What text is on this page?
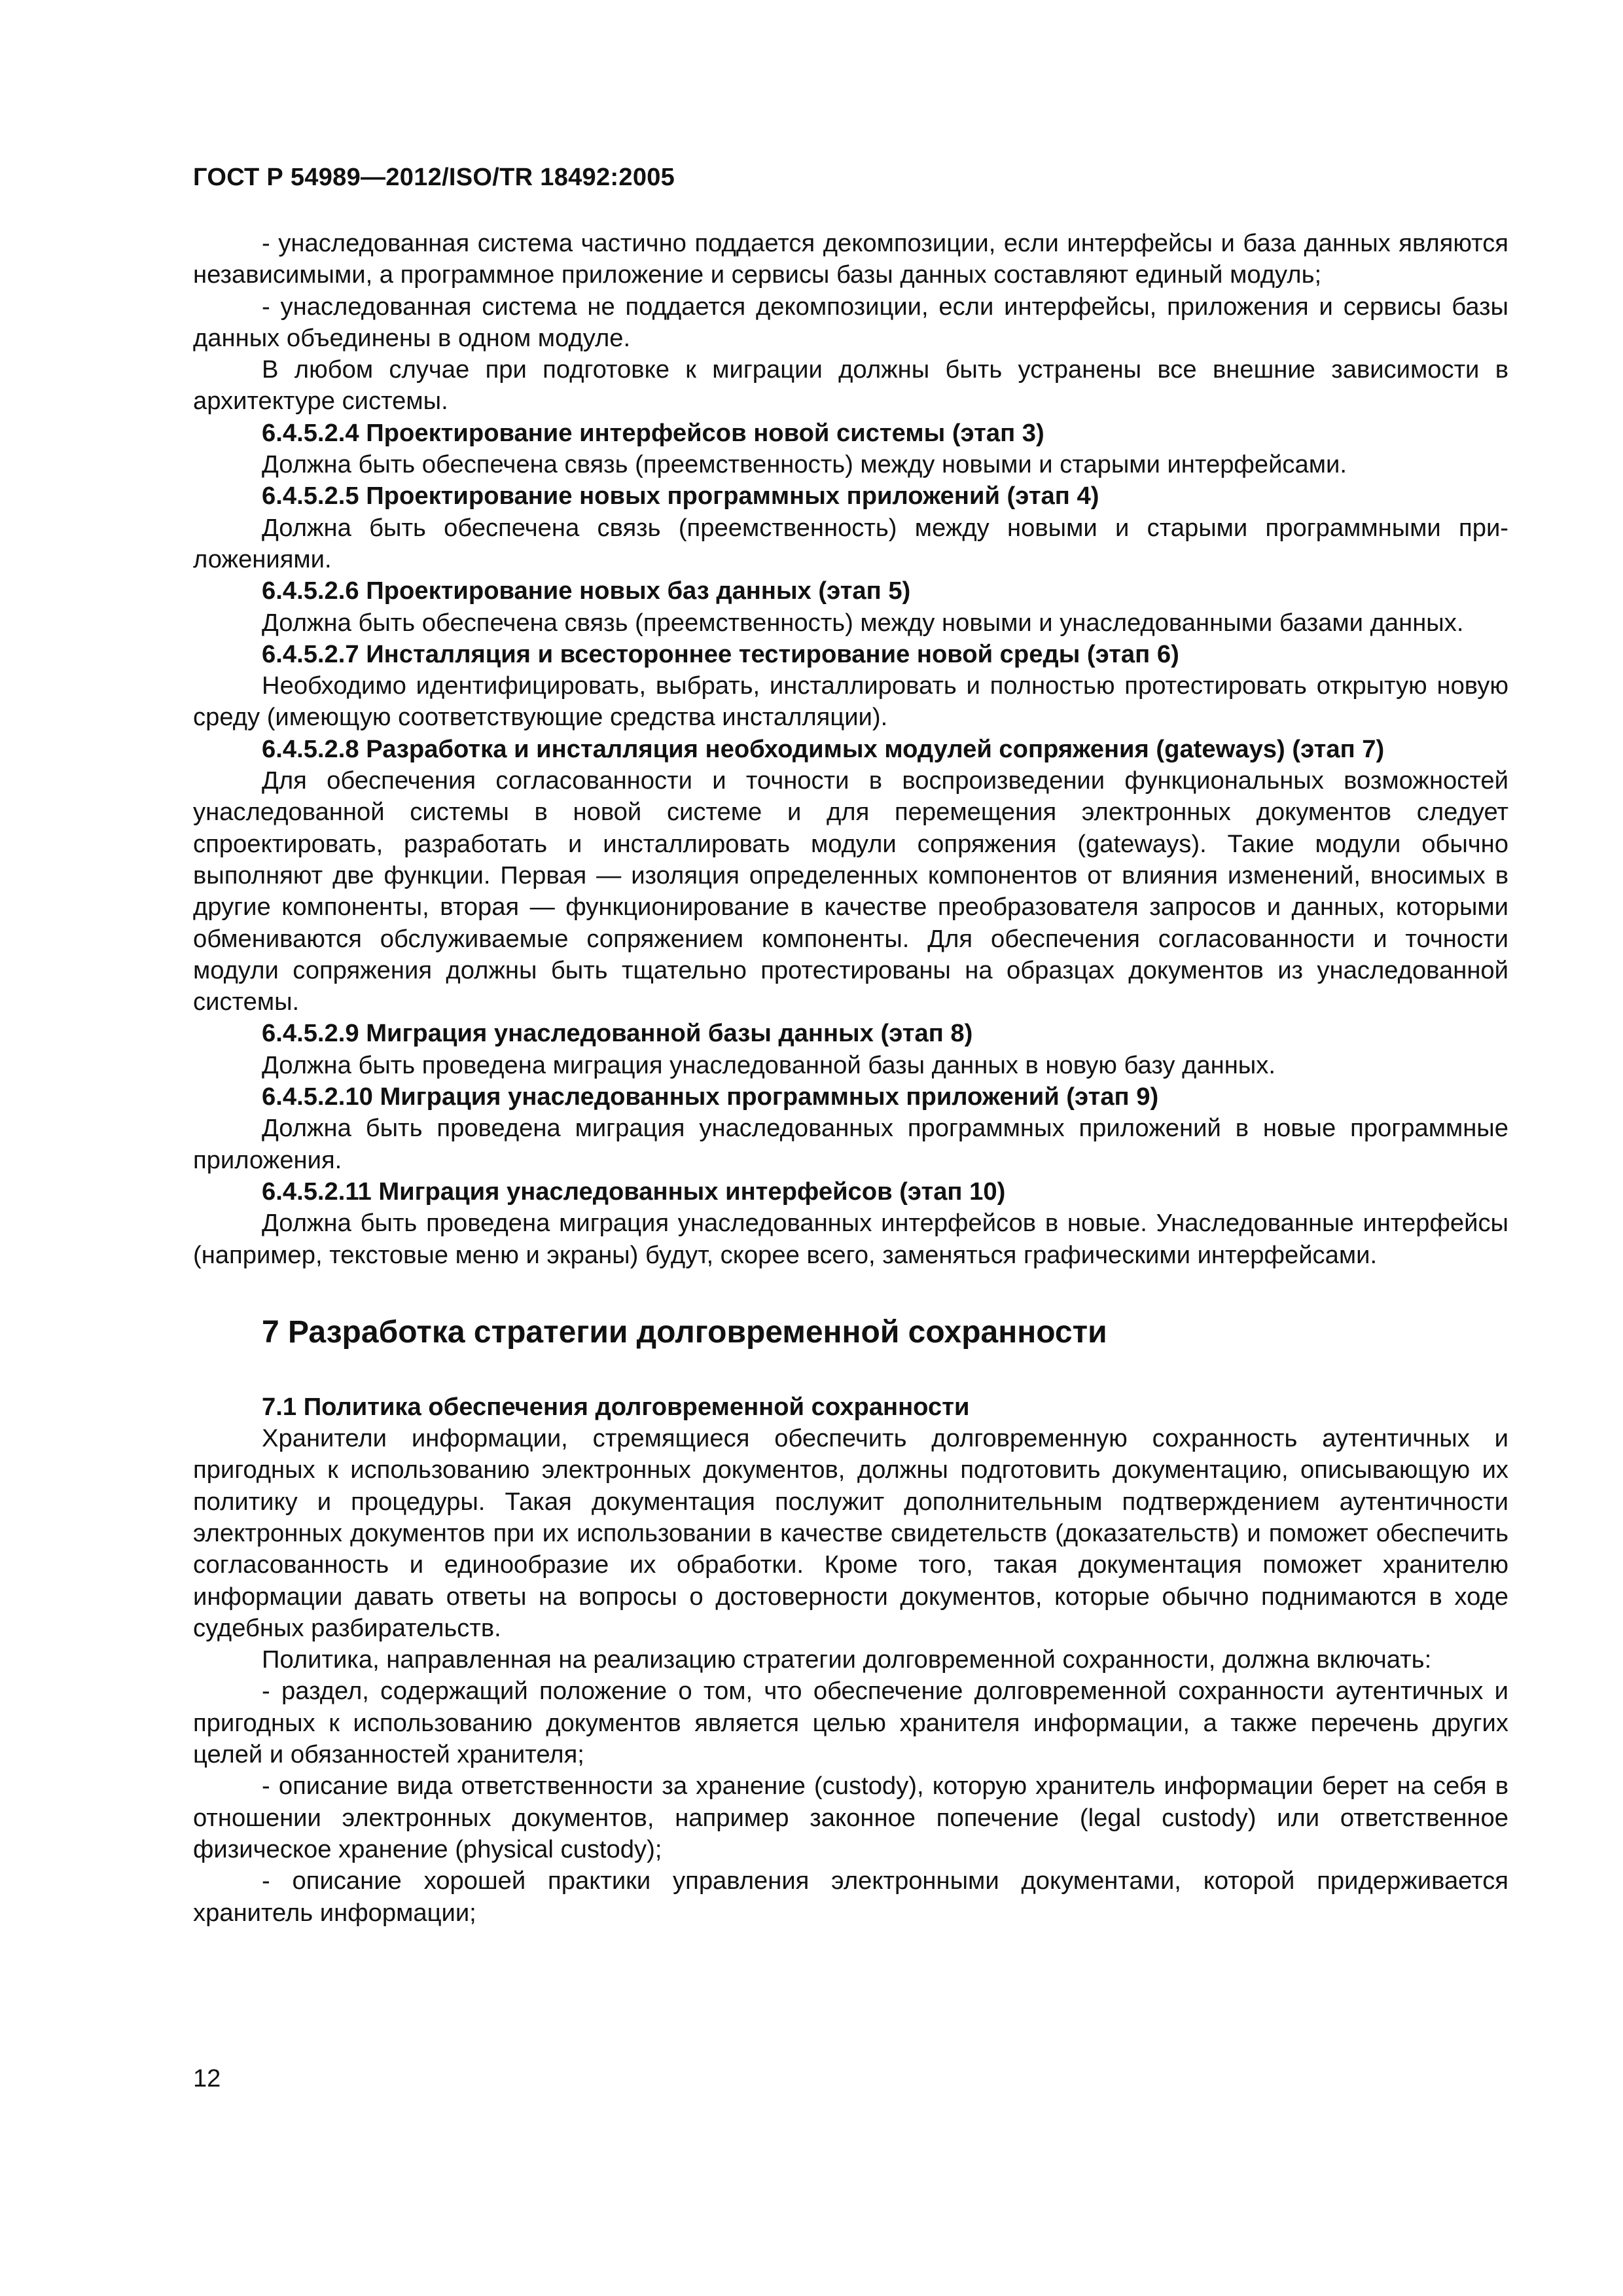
ГОСТ Р 54989—2012/ISO/TR 18492:2005

- унаследованная система частично поддается декомпозиции, если интерфейсы и база данных являются независимыми, а программное приложение и сервисы базы данных составляют единый модуль;

- унаследованная система не поддается декомпозиции, если интерфейсы, приложения и сервисы базы данных объединены в одном модуле.

В любом случае при подготовке к миграции должны быть устранены все внешние зависимости в архитектуре системы.

6.4.5.2.4 Проектирование интерфейсов новой системы (этап 3)

Должна быть обеспечена связь (преемственность) между новыми и старыми интерфейсами.

6.4.5.2.5 Проектирование новых программных приложений (этап 4)

Должна быть обеспечена связь (преемственность) между новыми и старыми программными приложениями.

6.4.5.2.6 Проектирование новых баз данных (этап 5)

Должна быть обеспечена связь (преемственность) между новыми и унаследованными базами данных.

6.4.5.2.7 Инсталляция и всестороннее тестирование новой среды (этап 6)

Необходимо идентифицировать, выбрать, инсталлировать и полностью протестировать открытую новую среду (имеющую соответствующие средства инсталляции).

6.4.5.2.8 Разработка и инсталляция необходимых модулей сопряжения (gateways) (этап 7)

Для обеспечения согласованности и точности в воспроизведении функциональных возможностей унаследованной системы в новой системе и для перемещения электронных документов следует спроектировать, разработать и инсталлировать модули сопряжения (gateways). Такие модули обычно выполняют две функции. Первая — изоляция определенных компонентов от влияния изменений, вносимых в другие компоненты, вторая — функционирование в качестве преобразователя запросов и данных, которыми обмениваются обслуживаемые сопряжением компоненты. Для обеспечения согласованности и точности модули сопряжения должны быть тщательно протестированы на образцах документов из унаследованной системы.

6.4.5.2.9 Миграция унаследованной базы данных (этап 8)

Должна быть проведена миграция унаследованной базы данных в новую базу данных.

6.4.5.2.10 Миграция унаследованных программных приложений (этап 9)

Должна быть проведена миграция унаследованных программных приложений в новые программные приложения.

6.4.5.2.11 Миграция унаследованных интерфейсов (этап 10)

Должна быть проведена миграция унаследованных интерфейсов в новые. Унаследованные интерфейсы (например, текстовые меню и экраны) будут, скорее всего, заменяться графическими интерфейсами.

7 Разработка стратегии долговременной сохранности

7.1 Политика обеспечения долговременной сохранности

Хранители информации, стремящиеся обеспечить долговременную сохранность аутентичных и пригодных к использованию электронных документов, должны подготовить документацию, описывающую их политику и процедуры. Такая документация послужит дополнительным подтверждением аутентичности электронных документов при их использовании в качестве свидетельств (доказательств) и поможет обеспечить согласованность и единообразие их обработки. Кроме того, такая документация поможет хранителю информации давать ответы на вопросы о достоверности документов, которые обычно поднимаются в ходе судебных разбирательств.

Политика, направленная на реализацию стратегии долговременной сохранности, должна включать:

- раздел, содержащий положение о том, что обеспечение долговременной сохранности аутентичных и пригодных к использованию документов является целью хранителя информации, а также перечень других целей и обязанностей хранителя;

- описание вида ответственности за хранение (custody), которую хранитель информации берет на себя в отношении электронных документов, например законное попечение (legal custody) или ответственное физическое хранение (physical custody);

- описание хорошей практики управления электронными документами, которой придерживается хранитель информации;

12
